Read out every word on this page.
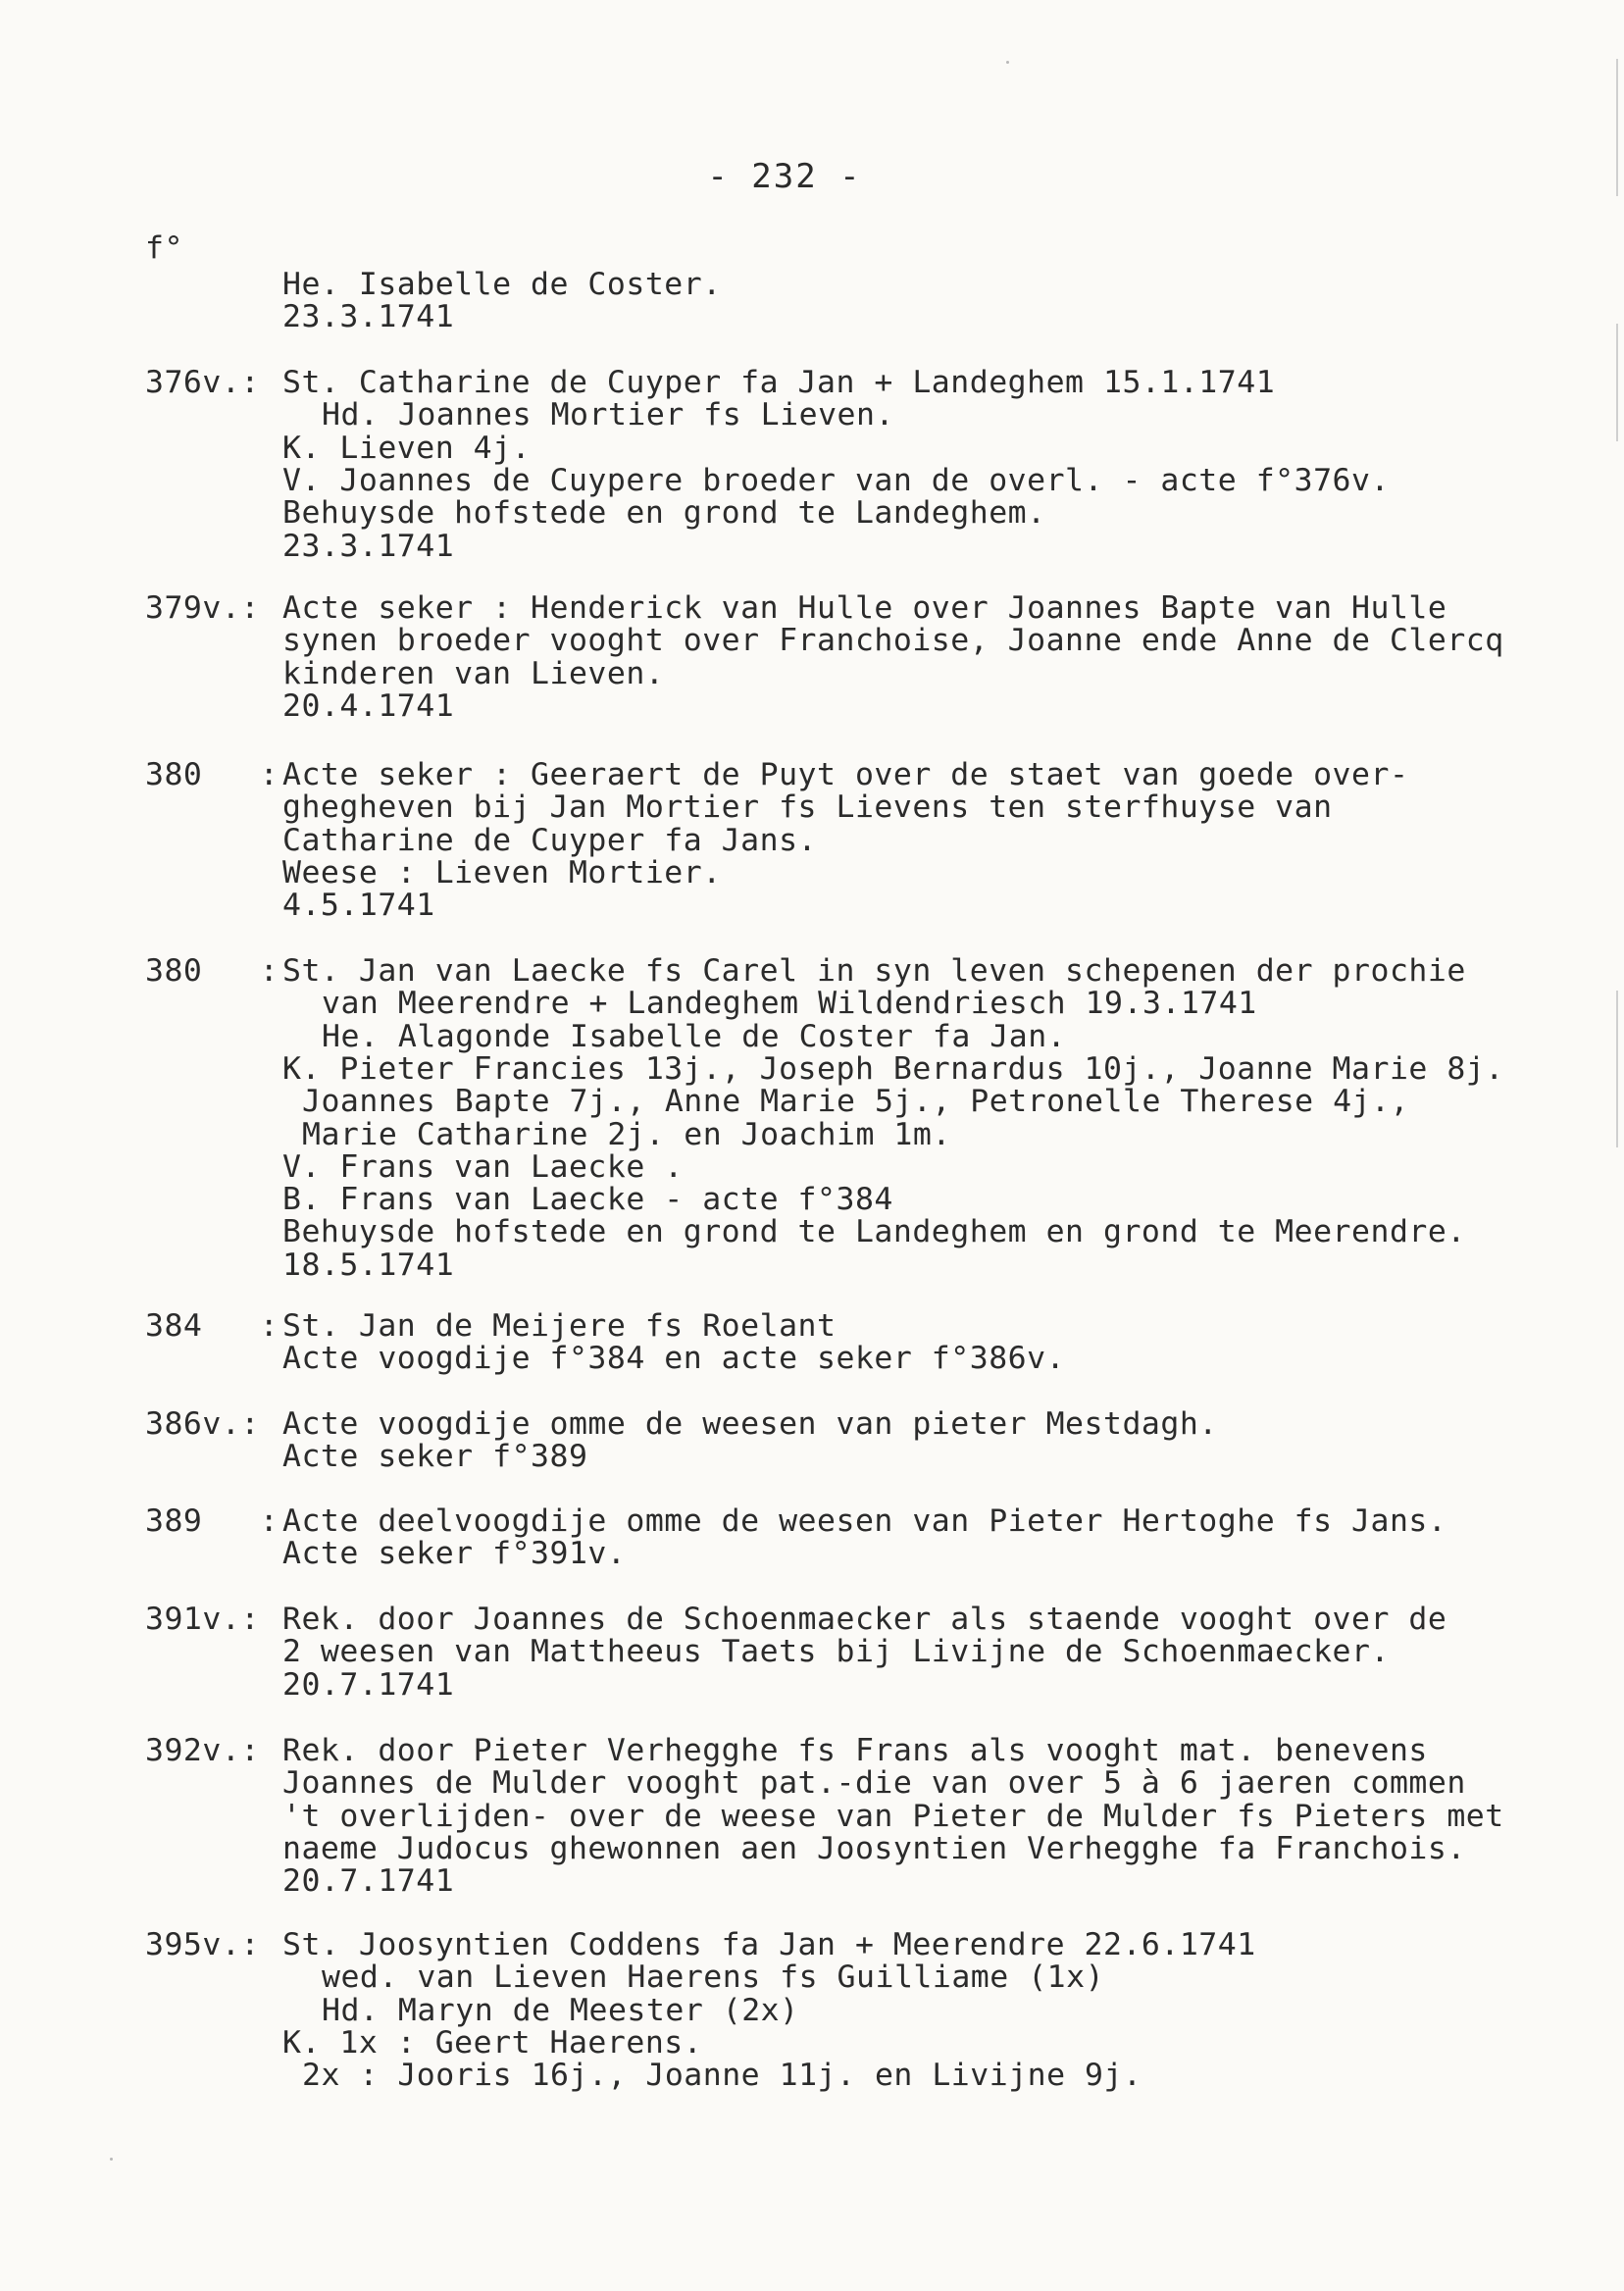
- 232 -
f°
He. Isabelle de Coster.
23.3.1741
376v.: St. Catharine de Cuyper fa Jan + Landeghem 15.1.1741
Hd. Joannes Mortier fs Lieven.
K. Lieven 4j.
V. Joannes de Cuypere broeder van de overl. - acte f°376v.
Behuysde hofstede en grond te Landeghem.
23.3.1741
379v.: Acte seker : Henderick van Hulle over Joannes Bapte van Hulle
synen broeder vooght over Franchoise, Joanne ende Anne de Clercq
kinderen van Lieven.
20.4.1741
380   : Acte seker : Geeraert de Puyt over de staet van goede over-
ghegheven bij Jan Mortier fs Lievens ten sterfhuyse van
Catharine de Cuyper fa Jans.
Weese : Lieven Mortier.
4.5.1741
380   : St. Jan van Laecke fs Carel in syn leven schepenen der prochie
van Meerendre + Landeghem Wildendriesch 19.3.1741
He. Alagonde Isabelle de Coster fa Jan.
K. Pieter Francies 13j., Joseph Bernardus 10j., Joanne Marie 8j.
Joannes Bapte 7j., Anne Marie 5j., Petronelle Therese 4j.,
Marie Catharine 2j. en Joachim 1m.
V. Frans van Laecke .
B. Frans van Laecke - acte f°384
Behuysde hofstede en grond te Landeghem en grond te Meerendre.
18.5.1741
384   : St. Jan de Meijere fs Roelant
Acte voogdije f°384 en acte seker f°386v.
386v.: Acte voogdije omme de weesen van pieter Mestdagh.
Acte seker f°389
389   : Acte deelvoogdije omme de weesen van Pieter Hertoghe fs Jans.
Acte seker f°391v.
391v.: Rek. door Joannes de Schoenmaecker als staende vooght over de
2 weesen van Mattheeus Taets bij Livijne de Schoenmaecker.
20.7.1741
392v.: Rek. door Pieter Verhegghe fs Frans als vooght mat. benevens
Joannes de Mulder vooght pat.-die van over 5 à 6 jaeren commen
't overlijden- over de weese van Pieter de Mulder fs Pieters met
naeme Judocus ghewonnen aen Joosyntien Verhegghe fa Franchois.
20.7.1741
395v.: St. Joosyntien Coddens fa Jan + Meerendre 22.6.1741
wed. van Lieven Haerens fs Guilliame (1x)
Hd. Maryn de Meester (2x)
K. 1x : Geert Haerens.
2x : Jooris 16j., Joanne 11j. en Livijne 9j.
